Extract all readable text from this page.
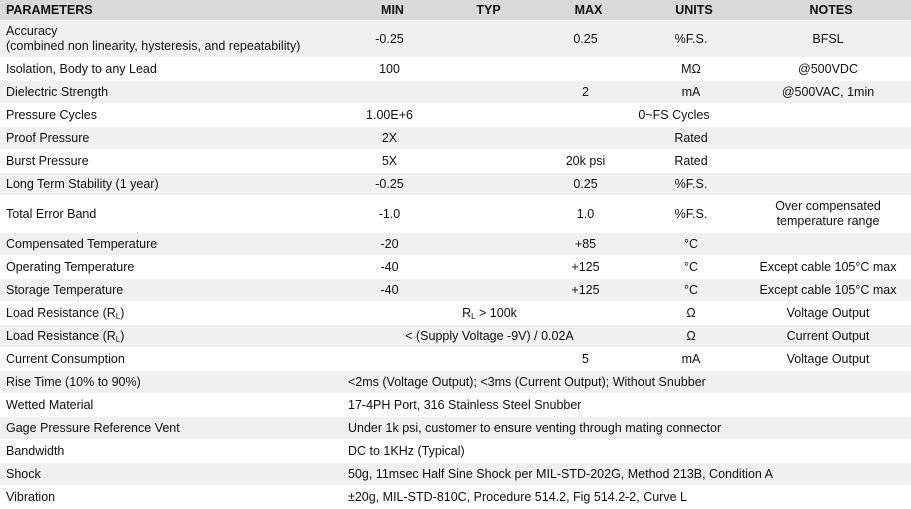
PARAMETERS	MIN	TYP	MAX	UNITS	NOTES

Accuracy
(combined non linearity, hysteresis, and repeatability)	-0.25		0.25	%F.S.	BFSL
Isolation, Body to any Lead	100			MΩ	@500VDC
Dielectric Strength			2	mA	@500VAC, 1min
Pressure Cycles	1.00E+6	0~FS Cycles			
Proof Pressure	2X			Rated	
Burst Pressure	5X		20k psi	Rated	
Long Term Stability (1 year)	-0.25		0.25	%F.S.	
Total Error Band	-1.0		1.0	%F.S.	Over compensated
temperature range

Compensated Temperature	-20		+85	°C	
Operating Temperature	-40		+125	°C	Except cable 105°C max
Storage Temperature	-40		+125	°C	Except cable 105°C max
Load Resistance $(R_L)$	$R_L > 100k$			Ω	Voltage Output
Load Resistance $(R_L)$	< (Supply Voltage -9V) / 0.02A			Ω	Current Output
Current Consumption			5	mA	Voltage Output
Rise Time (10% to 90%)	<2ms (Voltage Output); <3ms (Current Output); Without Snubber				
Wetted Material	17-4PH Port, 316 Stainless Steel Snubber				
Gage Pressure Reference Vent	Under 1k psi, customer to ensure venting through mating connector				
Bandwidth	DC to 1KHz (Typical)				
Shock	50g, 11msec Half Sine Shock per MIL-STD-202G, Method 213B, Condition A				
Vibration	±20g, MIL-STD-810C, Procedure 514.2, Fig 514.2-2, Curve L				
